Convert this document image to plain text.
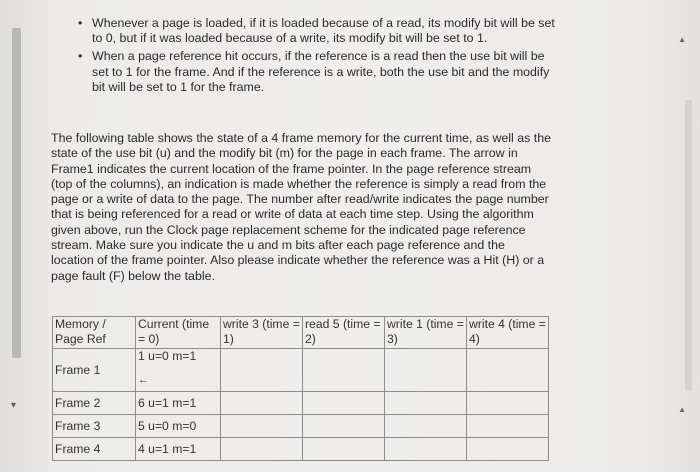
▾
▲
▲
• Whenever a page is loaded, if it is loaded because of a read, its modify bit will be set to 0, but if it was loaded because of a write, its modify bit will be set to 1.
• When a page reference hit occurs, if the reference is a read then the use bit will be set to 1 for the frame. And if the reference is a write, both the use bit and the modify bit will be set to 1 for the frame.
The following table shows the state of a 4 frame memory for the current time, as well as the state of the use bit (u) and the modify bit (m) for the page in each frame. The arrow in Frame1 indicates the current location of the frame pointer. In the page reference stream (top of the columns), an indication is made whether the reference is simply a read from the page or a write of data to the page. The number after read/write indicates the page number that is being referenced for a read or write of data at each time step. Using the algorithm given above, run the Clock page replacement scheme for the indicated page reference stream. Make sure you indicate the u and m bits after each page reference and the location of the frame pointer. Also please indicate whether the reference was a Hit (H) or a page fault (F) below the table.
Memory / Page Ref	Current (time = 0)	write 3 (time = 1)	read 5 (time = 2)	write 1 (time = 3)	write 4 (time = 4)
Frame 1	1 u=0 m=1
←				

Frame 2	6 u=1 m=1				
Frame 3	5 u=0 m=0				
Frame 4	4 u=1 m=1				
